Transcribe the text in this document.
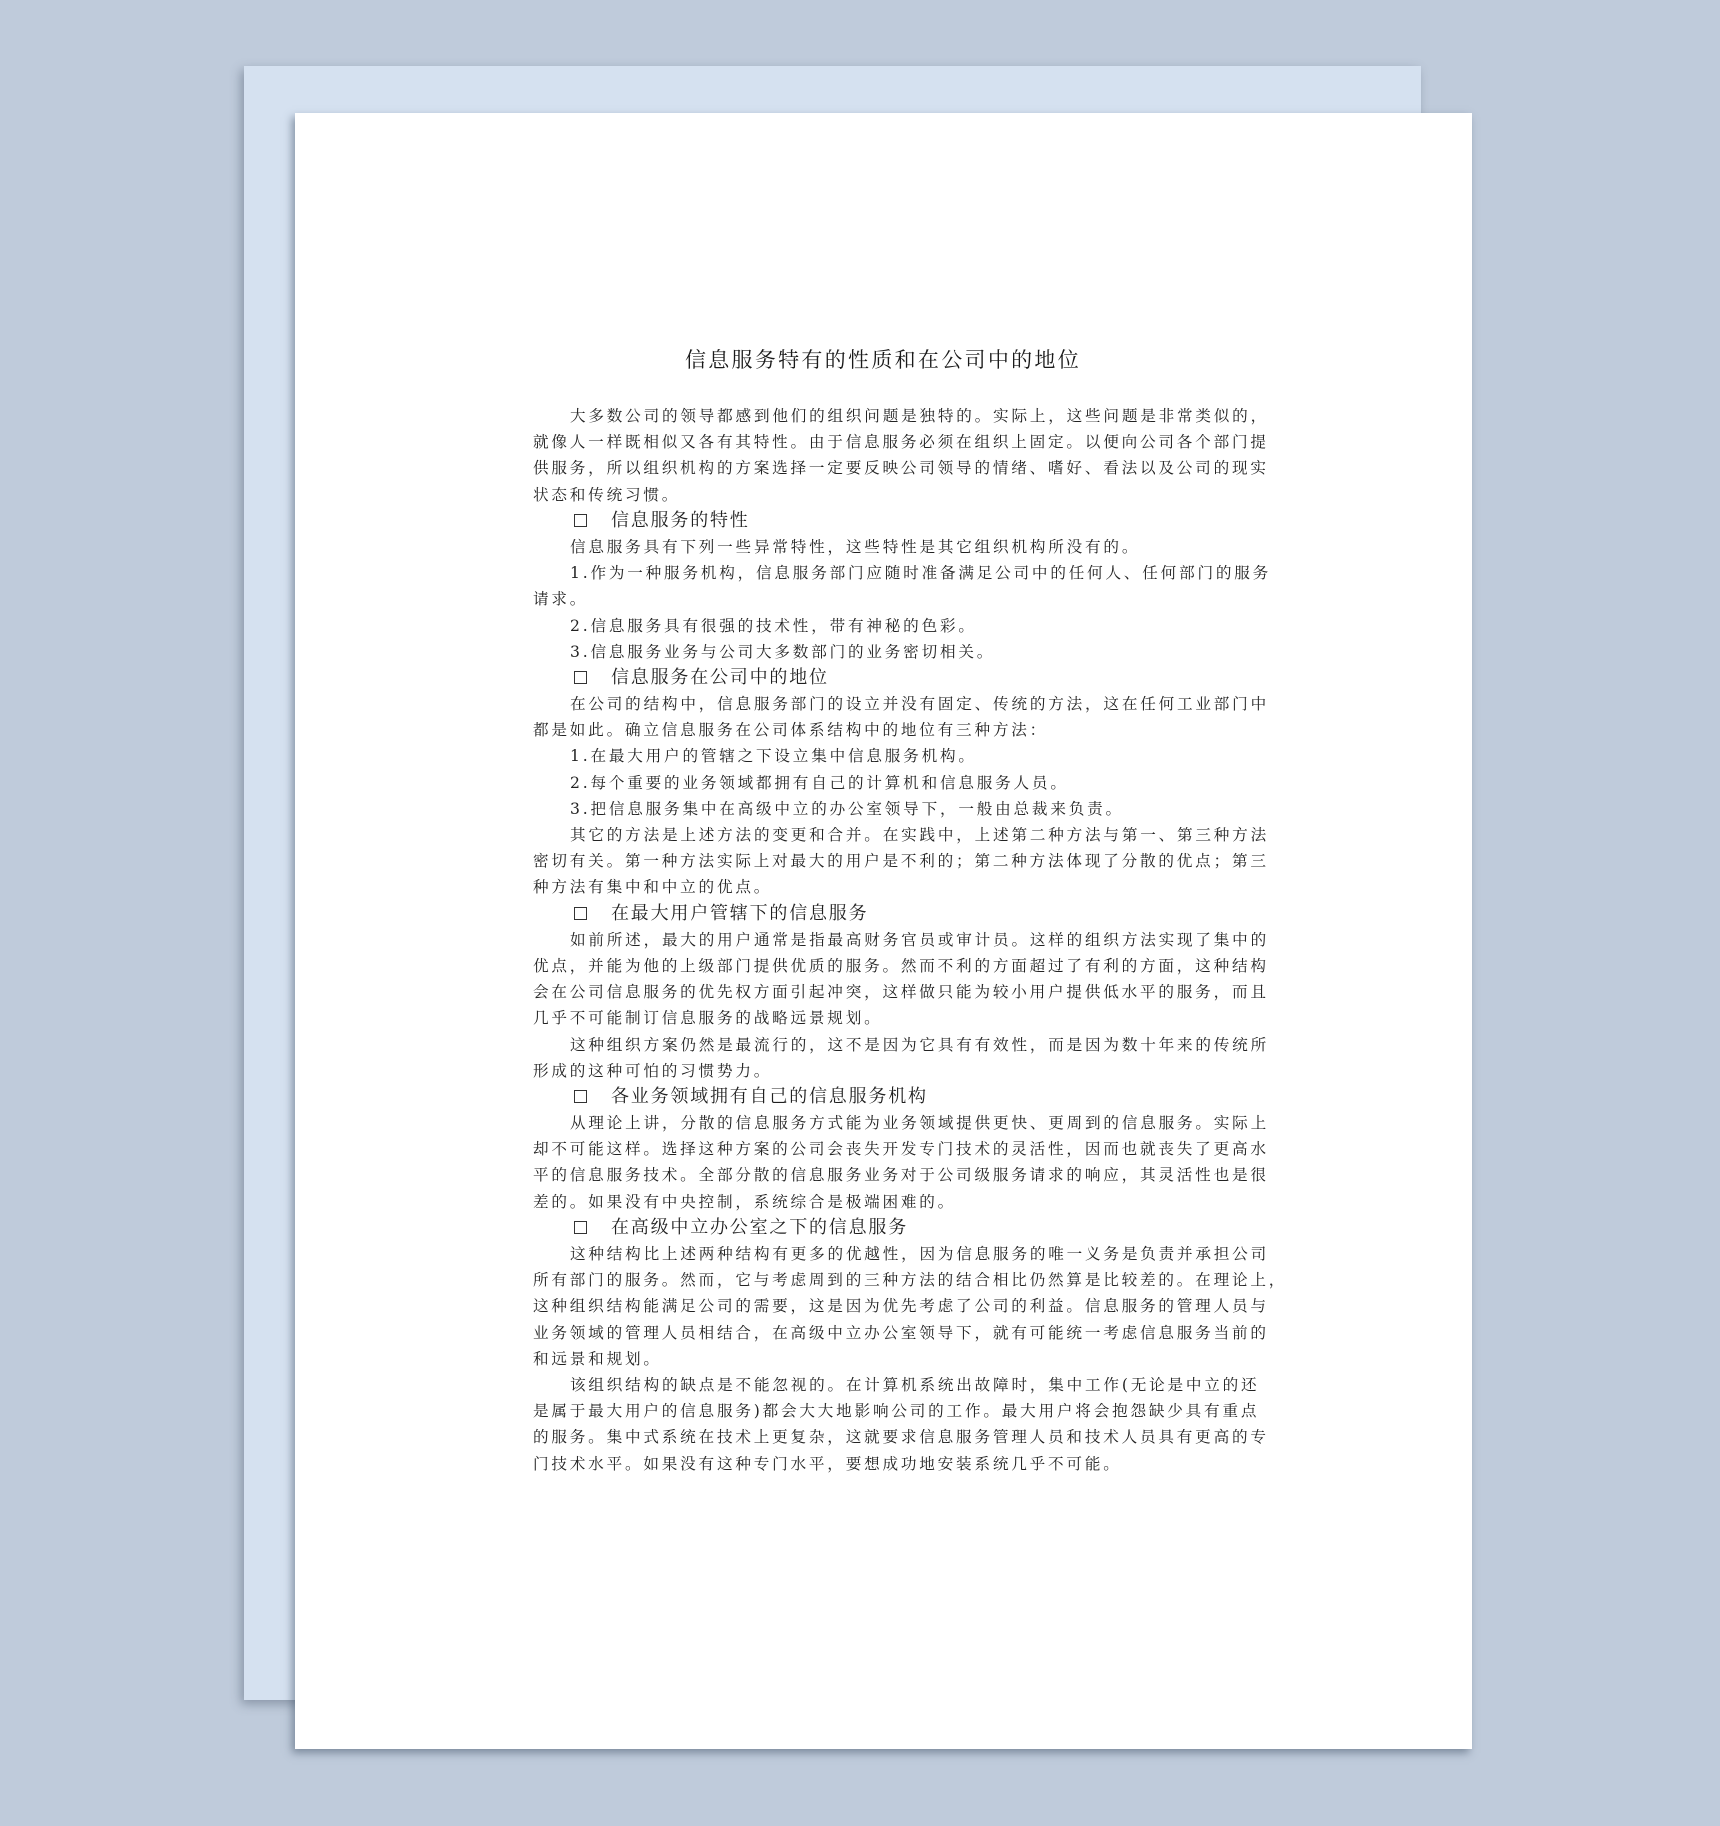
信息服务特有的性质和在公司中的地位
大多数公司的领导都感到他们的组织问题是独特的。实际上，这些问题是非常类似的，
就像人一样既相似又各有其特性。由于信息服务必须在组织上固定。以便向公司各个部门提
供服务，所以组织机构的方案选择一定要反映公司领导的情绪、嗜好、看法以及公司的现实
状态和传统习惯。
信息服务的特性
信息服务具有下列一些异常特性，这些特性是其它组织机构所没有的。
1.作为一种服务机构，信息服务部门应随时准备满足公司中的任何人、任何部门的服务
请求。
2.信息服务具有很强的技术性，带有神秘的色彩。
3.信息服务业务与公司大多数部门的业务密切相关。
信息服务在公司中的地位
在公司的结构中，信息服务部门的设立并没有固定、传统的方法，这在任何工业部门中
都是如此。确立信息服务在公司体系结构中的地位有三种方法：
1.在最大用户的管辖之下设立集中信息服务机构。
2.每个重要的业务领域都拥有自己的计算机和信息服务人员。
3.把信息服务集中在高级中立的办公室领导下，一般由总裁来负责。
其它的方法是上述方法的变更和合并。在实践中，上述第二种方法与第一、第三种方法
密切有关。第一种方法实际上对最大的用户是不利的；第二种方法体现了分散的优点；第三
种方法有集中和中立的优点。
在最大用户管辖下的信息服务
如前所述，最大的用户通常是指最高财务官员或审计员。这样的组织方法实现了集中的
优点，并能为他的上级部门提供优质的服务。然而不利的方面超过了有利的方面，这种结构
会在公司信息服务的优先权方面引起冲突，这样做只能为较小用户提供低水平的服务，而且
几乎不可能制订信息服务的战略远景规划。
这种组织方案仍然是最流行的，这不是因为它具有有效性，而是因为数十年来的传统所
形成的这种可怕的习惯势力。
各业务领域拥有自己的信息服务机构
从理论上讲，分散的信息服务方式能为业务领域提供更快、更周到的信息服务。实际上
却不可能这样。选择这种方案的公司会丧失开发专门技术的灵活性，因而也就丧失了更高水
平的信息服务技术。全部分散的信息服务业务对于公司级服务请求的响应，其灵活性也是很
差的。如果没有中央控制，系统综合是极端困难的。
在高级中立办公室之下的信息服务
这种结构比上述两种结构有更多的优越性，因为信息服务的唯一义务是负责并承担公司
所有部门的服务。然而，它与考虑周到的三种方法的结合相比仍然算是比较差的。在理论上，
这种组织结构能满足公司的需要，这是因为优先考虑了公司的利益。信息服务的管理人员与
业务领域的管理人员相结合，在高级中立办公室领导下，就有可能统一考虑信息服务当前的
和远景和规划。
该组织结构的缺点是不能忽视的。在计算机系统出故障时，集中工作(无论是中立的还
是属于最大用户的信息服务)都会大大地影响公司的工作。最大用户将会抱怨缺少具有重点
的服务。集中式系统在技术上更复杂，这就要求信息服务管理人员和技术人员具有更高的专
门技术水平。如果没有这种专门水平，要想成功地安装系统几乎不可能。
